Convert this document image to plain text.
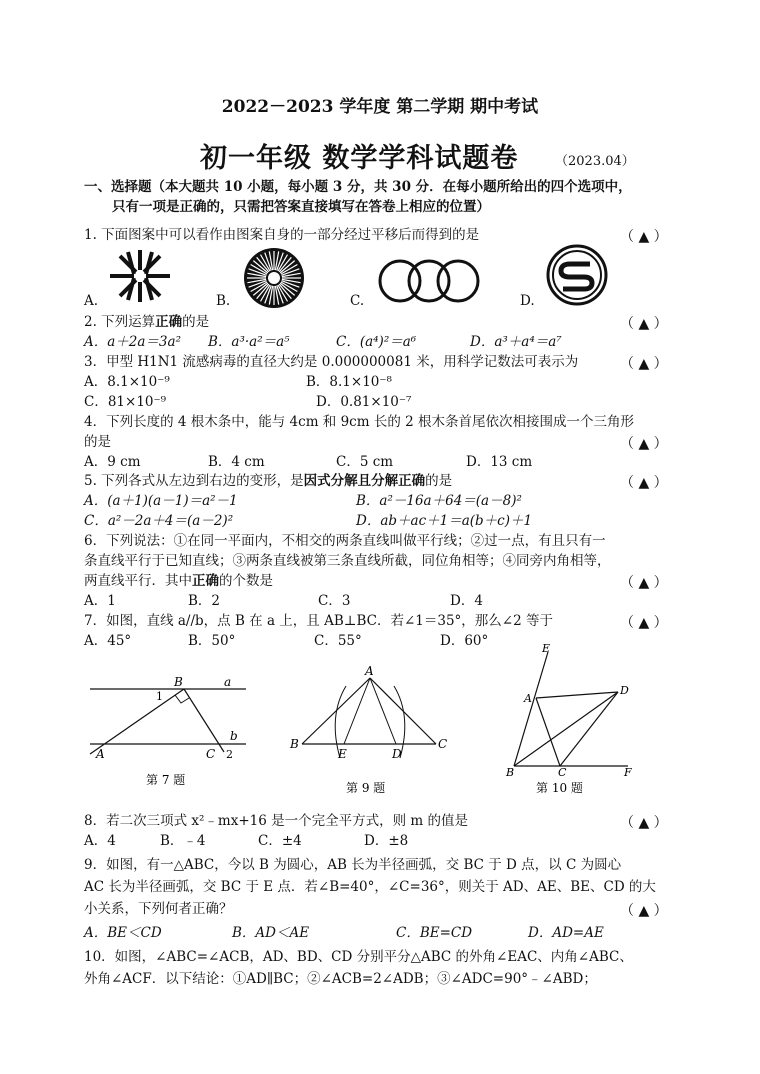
2022－2023 学年度 第二学期 期中考试
初一年级 数学学科试题卷	（2023.04）
一、选择题（本大题共 10 小题，每小题 3 分，共 30 分．在每小题所给出的四个选项中，
只有一项是正确的，只需把答案直接填写在答卷上相应的位置）
1. 下面图案中可以看作由图案自身的一部分经过平移后而得到的是	（ ▲ ）
A.	B.	C.	D.
2. 下列运算正确的是	（ ▲ ）
A．a＋2a＝3a² B．a³·a²＝a⁵	C．(a⁴)²＝a⁶	D．a³＋a⁴＝a⁷
3．甲型 H1N1 流感病毒的直径大约是 0.000000081 米，用科学记数法可表示为	（ ▲ ）
A．8.1×10⁻⁹	B．8.1×10⁻⁸
C．81×10⁻⁹	D．0.81×10⁻⁷
4．下列长度的 4 根木条中，能与 4cm 和 9cm 长的 2 根木条首尾依次相接围成一个三角形
的是	（ ▲ ）
A．9 cm	B．4 cm	C．5 cm	D．13 cm
5. 下列各式从左边到右边的变形，是因式分解且分解正确的是	（ ▲ ）
A．(a＋1)(a－1)＝a²－1	B．a²－16a＋64＝(a－8)²
C．a²－2a＋4＝(a－2)²	D．ab＋ac＋1＝a(b＋c)＋1
6．下列说法：①在同一平面内，不相交的两条直线叫做平行线；②过一点，有且只有一
条直线平行于已知直线；③两条直线被第三条直线所截，同位角相等；④同旁内角相等，
两直线平行．其中正确的个数是	（ ▲ ）
A．1	B．2	C．3	D．4
7．如图，直线 a//b，点 B 在 a 上，且 AB⊥BC．若∠1＝35°，那么∠2 等于	（ ▲ ）
A．45°	B．50°	C．55°	D．60°
B	a
1
b
A	C 2
第 7 题
A
B
E	D
C
第 9 题
E
A
D
B	C	F
第 10 题
8．若二次三项式 x²﹣mx+16 是一个完全平方式，则 m 的值是	（ ▲ ）
A．4	B．﹣4	C．±4	D．±8
9．如图，有一△ABC，今以 B 为圆心，AB 长为半径画弧，交 BC 于 D 点，以 C 为圆心
AC 长为半径画弧，交 BC 于 E 点．若∠B=40°，∠C=36°，则关于 AD、AE、BE、CD 的大
小关系，下列何者正确？	（ ▲ ）
A．BE＜CD	B．AD＜AE	C．BE=CD	D．AD=AE
10．如图，∠ABC=∠ACB，AD、BD、CD 分别平分△ABC 的外角∠EAC、内角∠ABC、
外角∠ACF．以下结论：①AD∥BC；②∠ACB=2∠ADB；③∠ADC=90°﹣∠ABD；
